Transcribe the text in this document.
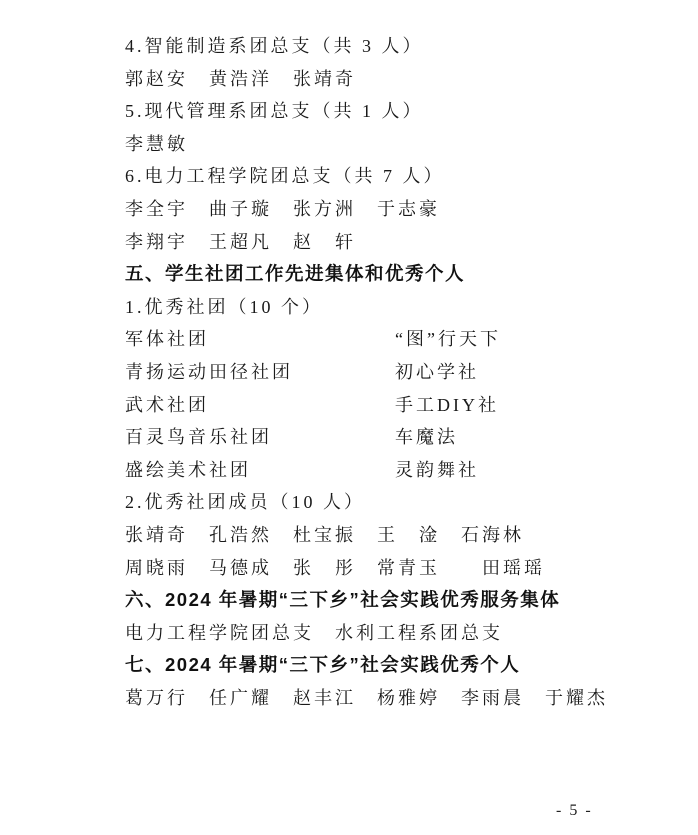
4.智能制造系团总支（共 3 人）
郭赵安　黄浩洋　张靖奇
5.现代管理系团总支（共 1 人）
李慧敏
6.电力工程学院团总支（共 7 人）
李全宇　曲子璇　张方洲　于志豪
李翔宇　王超凡　赵　轩
五、学生社团工作先进集体和优秀个人
1.优秀社团（10 个）
军体社团	“图”行天下
青扬运动田径社团	初心学社
武术社团	手工DIY社
百灵鸟音乐社团	车魔法
盛绘美术社团	灵韵舞社
2.优秀社团成员（10 人）
张靖奇　孔浩然　杜宝振　王　淦　石海林
周晓雨　马德成　张　彤　常青玉　　田瑶瑶
六、2024 年暑期“三下乡”社会实践优秀服务集体
电力工程学院团总支　水利工程系团总支
七、2024 年暑期“三下乡”社会实践优秀个人
葛万行　任广耀　赵丰江　杨雅婷　李雨晨　于耀杰
- 5 -
